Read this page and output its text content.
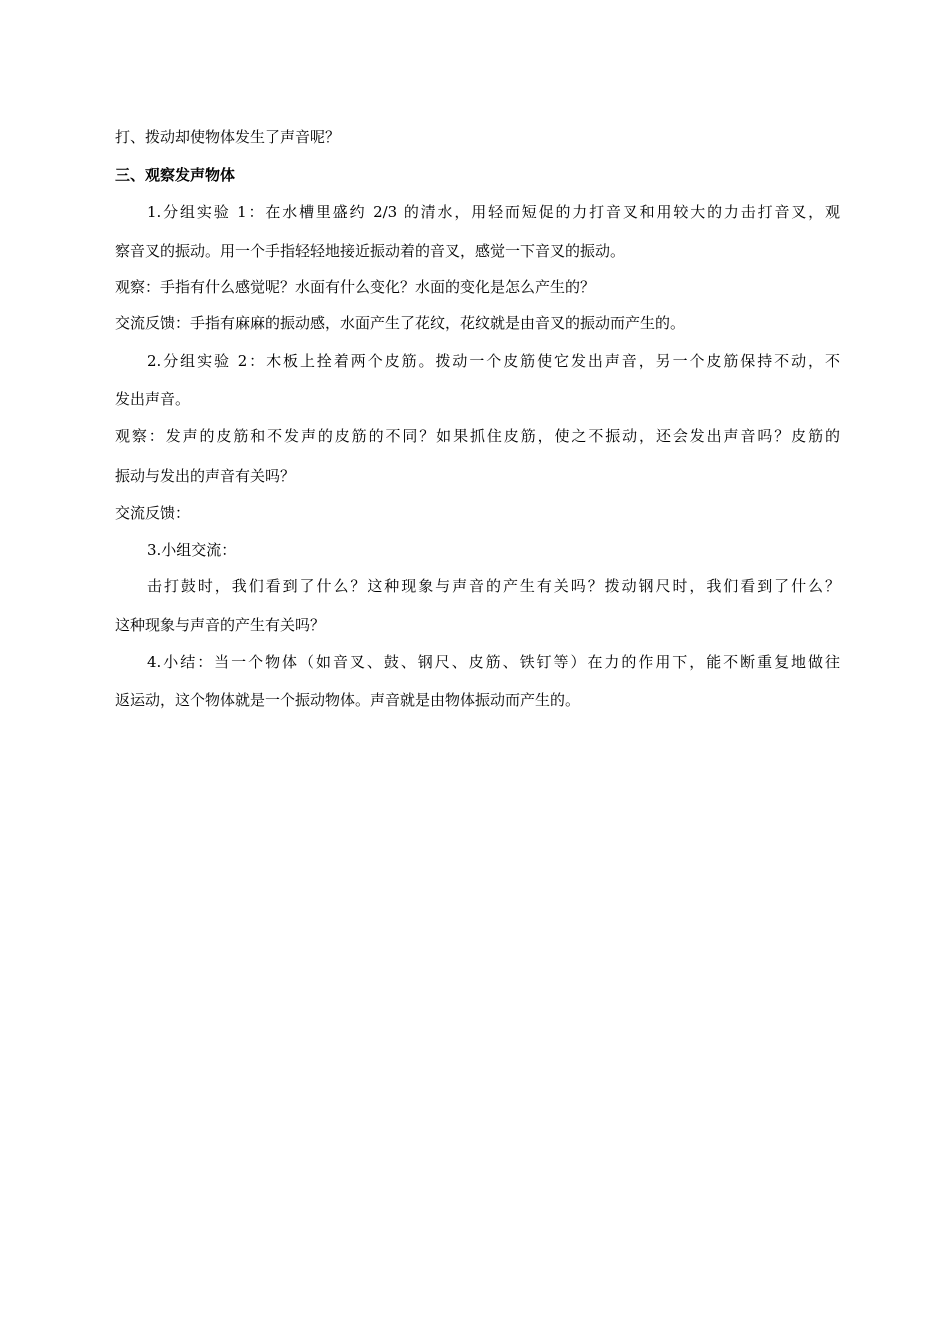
打、拨动却使物体发生了声音呢？
三、观察发声物体
1.分组实验 1：在水槽里盛约 2/3 的清水，用轻而短促的力打音叉和用较大的力击打音叉，观
察音叉的振动。用一个手指轻轻地接近振动着的音叉，感觉一下音叉的振动。
观察：手指有什么感觉呢？水面有什么变化？水面的变化是怎么产生的？
交流反馈：手指有麻麻的振动感，水面产生了花纹，花纹就是由音叉的振动而产生的。
2.分组实验 2：木板上拴着两个皮筋。拨动一个皮筋使它发出声音，另一个皮筋保持不动，不
发出声音。
观察：发声的皮筋和不发声的皮筋的不同？如果抓住皮筋，使之不振动，还会发出声音吗？皮筋的
振动与发出的声音有关吗？
交流反馈：
3.小组交流：
击打鼓时，我们看到了什么？这种现象与声音的产生有关吗？拨动钢尺时，我们看到了什么？
这种现象与声音的产生有关吗？
4.小结：当一个物体（如音叉、鼓、钢尺、皮筋、铁钉等）在力的作用下，能不断重复地做往
返运动，这个物体就是一个振动物体。声音就是由物体振动而产生的。
